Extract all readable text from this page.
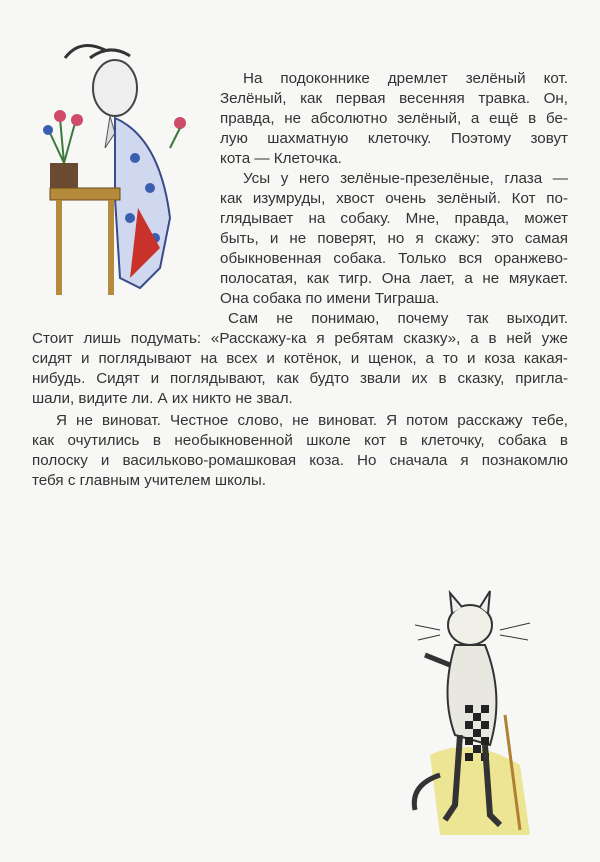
На подоконнике дремлет зелёный кот.
Зелёный, как первая весенняя травка. Он,
правда, не абсолютно зелёный, а ещё в бе-
лую шахматную клеточку. Поэтому зовут
кота — Клеточка.
Усы у него зелёные-презелёные, глаза —
как изумруды, хвост очень зелёный. Кот по-
глядывает на собаку. Мне, правда, может
быть, и не поверят, но я скажу: это самая
обыкновенная собака. Только вся оранжево-
полосатая, как тигр. Она лает, а не мяукает.
Она собака по имени Тиграша.
Сам не понимаю, почему так выходит.
Стоит лишь подумать: «Расскажу-ка я ребятам сказку», а в ней уже
сидят и поглядывают на всех и котёнок, и щенок, а то и коза какая-
нибудь. Сидят и поглядывают, как будто звали их в сказку, пригла-
шали, видите ли. А их никто не звал.
Я не виноват. Честное слово, не виноват. Я потом расскажу тебе,
как очутились в необыкновенной школе кот в клеточку, собака в
полоску и васильково-ромашковая коза. Но сначала я познакомлю
тебя с главным учителем школы.
